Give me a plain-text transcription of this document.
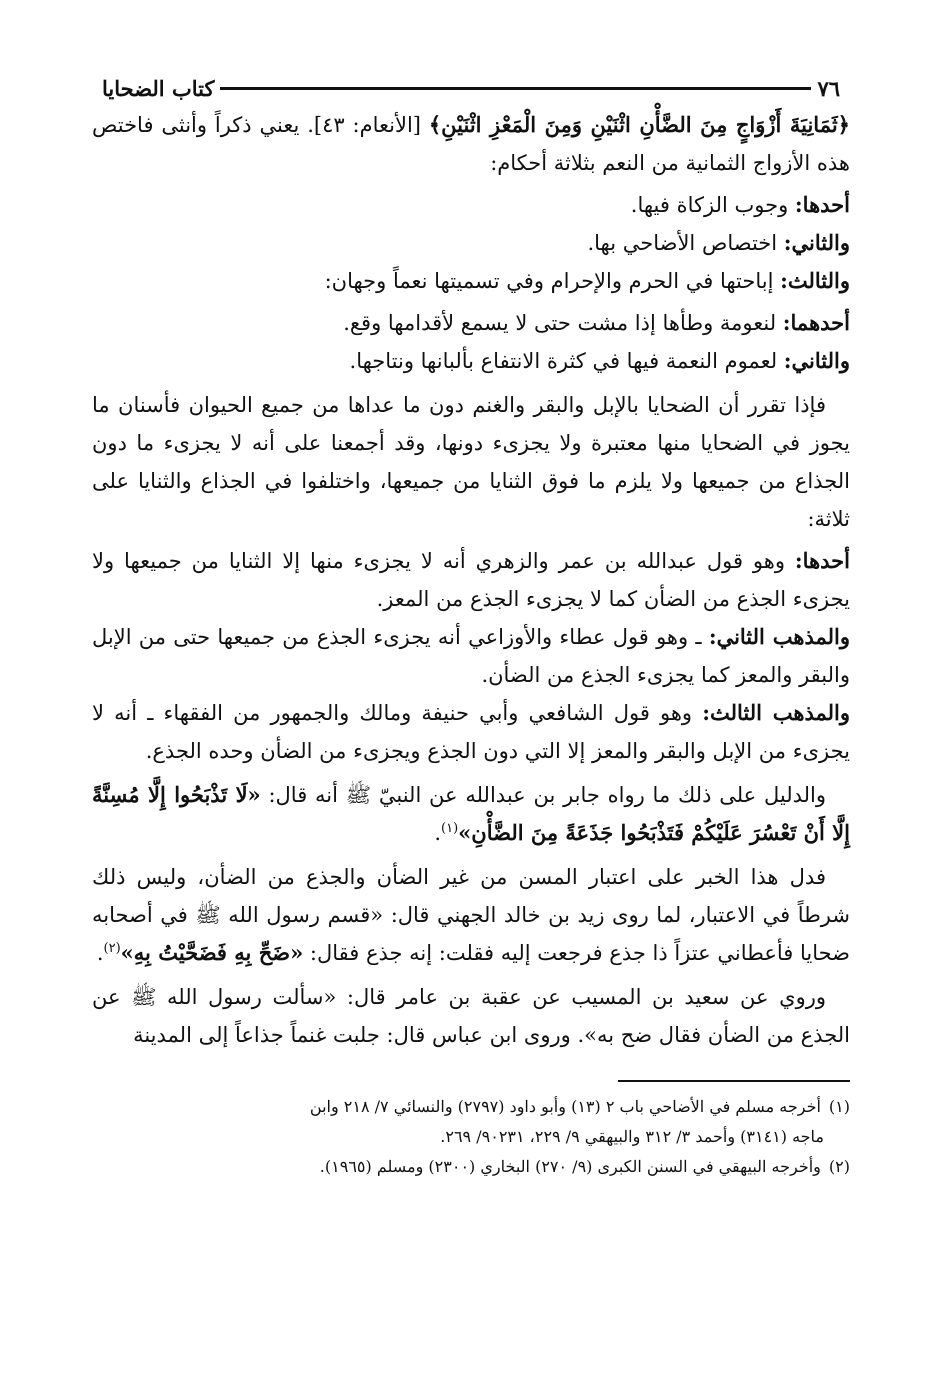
٧٦
كتاب الضحايا

﴿ثَمَانِيَةَ أَزْوَاجٍ مِنَ الضَّأْنِ اثْنَيْنِ وَمِنَ الْمَعْزِ اثْنَيْنِ﴾ [الأنعام: ٤٣]. يعني ذكراً وأنثى فاختص هذه الأزواج الثمانية من النعم بثلاثة أحكام:

أحدها: وجوب الزكاة فيها.

والثاني: اختصاص الأضاحي بها.

والثالث: إباحتها في الحرم والإحرام وفي تسميتها نعماً وجهان:

أحدهما: لنعومة وطأها إذا مشت حتى لا يسمع لأقدامها وقع.

والثاني: لعموم النعمة فيها في كثرة الانتفاع بألبانها ونتاجها.

فإذا تقرر أن الضحايا بالإبل والبقر والغنم دون ما عداها من جميع الحيوان فأسنان ما يجوز في الضحايا منها معتبرة ولا يجزىء دونها، وقد أجمعنا على أنه لا يجزىء ما دون الجذاع من جميعها ولا يلزم ما فوق الثنايا من جميعها، واختلفوا في الجذاع والثنايا على ثلاثة:

أحدها: وهو قول عبدالله بن عمر والزهري أنه لا يجزىء منها إلا الثنايا من جميعها ولا يجزىء الجذع من الضأن كما لا يجزىء الجذع من المعز.

والمذهب الثاني: ـ وهو قول عطاء والأوزاعي أنه يجزىء الجذع من جميعها حتى من الإبل والبقر والمعز كما يجزىء الجذع من الضأن.

والمذهب الثالث: وهو قول الشافعي وأبي حنيفة ومالك والجمهور من الفقهاء ـ أنه لا يجزىء من الإبل والبقر والمعز إلا التي دون الجذع ويجزىء من الضأن وحده الجذع.

والدليل على ذلك ما رواه جابر بن عبدالله عن النبيّ ﷺ أنه قال: «لَا تَذْبَحُوا إِلَّا مُسِنَّةً إِلَّا أَنْ تَعْسُرَ عَلَيْكُمْ فَتَذْبَحُوا جَذَعَةً مِنَ الضَّأْنِ»$^{(١)}$.

فدل هذا الخبر على اعتبار المسن من غير الضأن والجذع من الضأن، وليس ذلك شرطاً في الاعتبار، لما روى زيد بن خالد الجهني قال: «قسم رسول الله ﷺ في أصحابه ضحايا فأعطاني عتزاً ذا جذع فرجعت إليه فقلت: إنه جذع فقال: «ضَحِّ بِهِ فَضَحَّيْتُ بِهِ»$^{(٢)}$.

وروي عن سعيد بن المسيب عن عقبة بن عامر قال: «سألت رسول الله ﷺ عن الجذع من الضأن فقال ضح به». وروى ابن عباس قال: جلبت غنماً جذاعاً إلى المدينة

(١)أخرجه مسلم في الأضاحي باب ٢ (١٣) وأبو داود (٢٧٩٧) والنسائي ٧/ ٢١٨ وابن

ماجه (٣١٤١) وأحمد ٣/ ٣١٢ والبيهقي ٩/ ٢٢٩، ٩٠٢٣١/ ٢٦٩.

(٢)وأخرجه البيهقي في السنن الكبرى (٩/ ٢٧٠) البخاري (٢٣٠٠) ومسلم (١٩٦٥).
